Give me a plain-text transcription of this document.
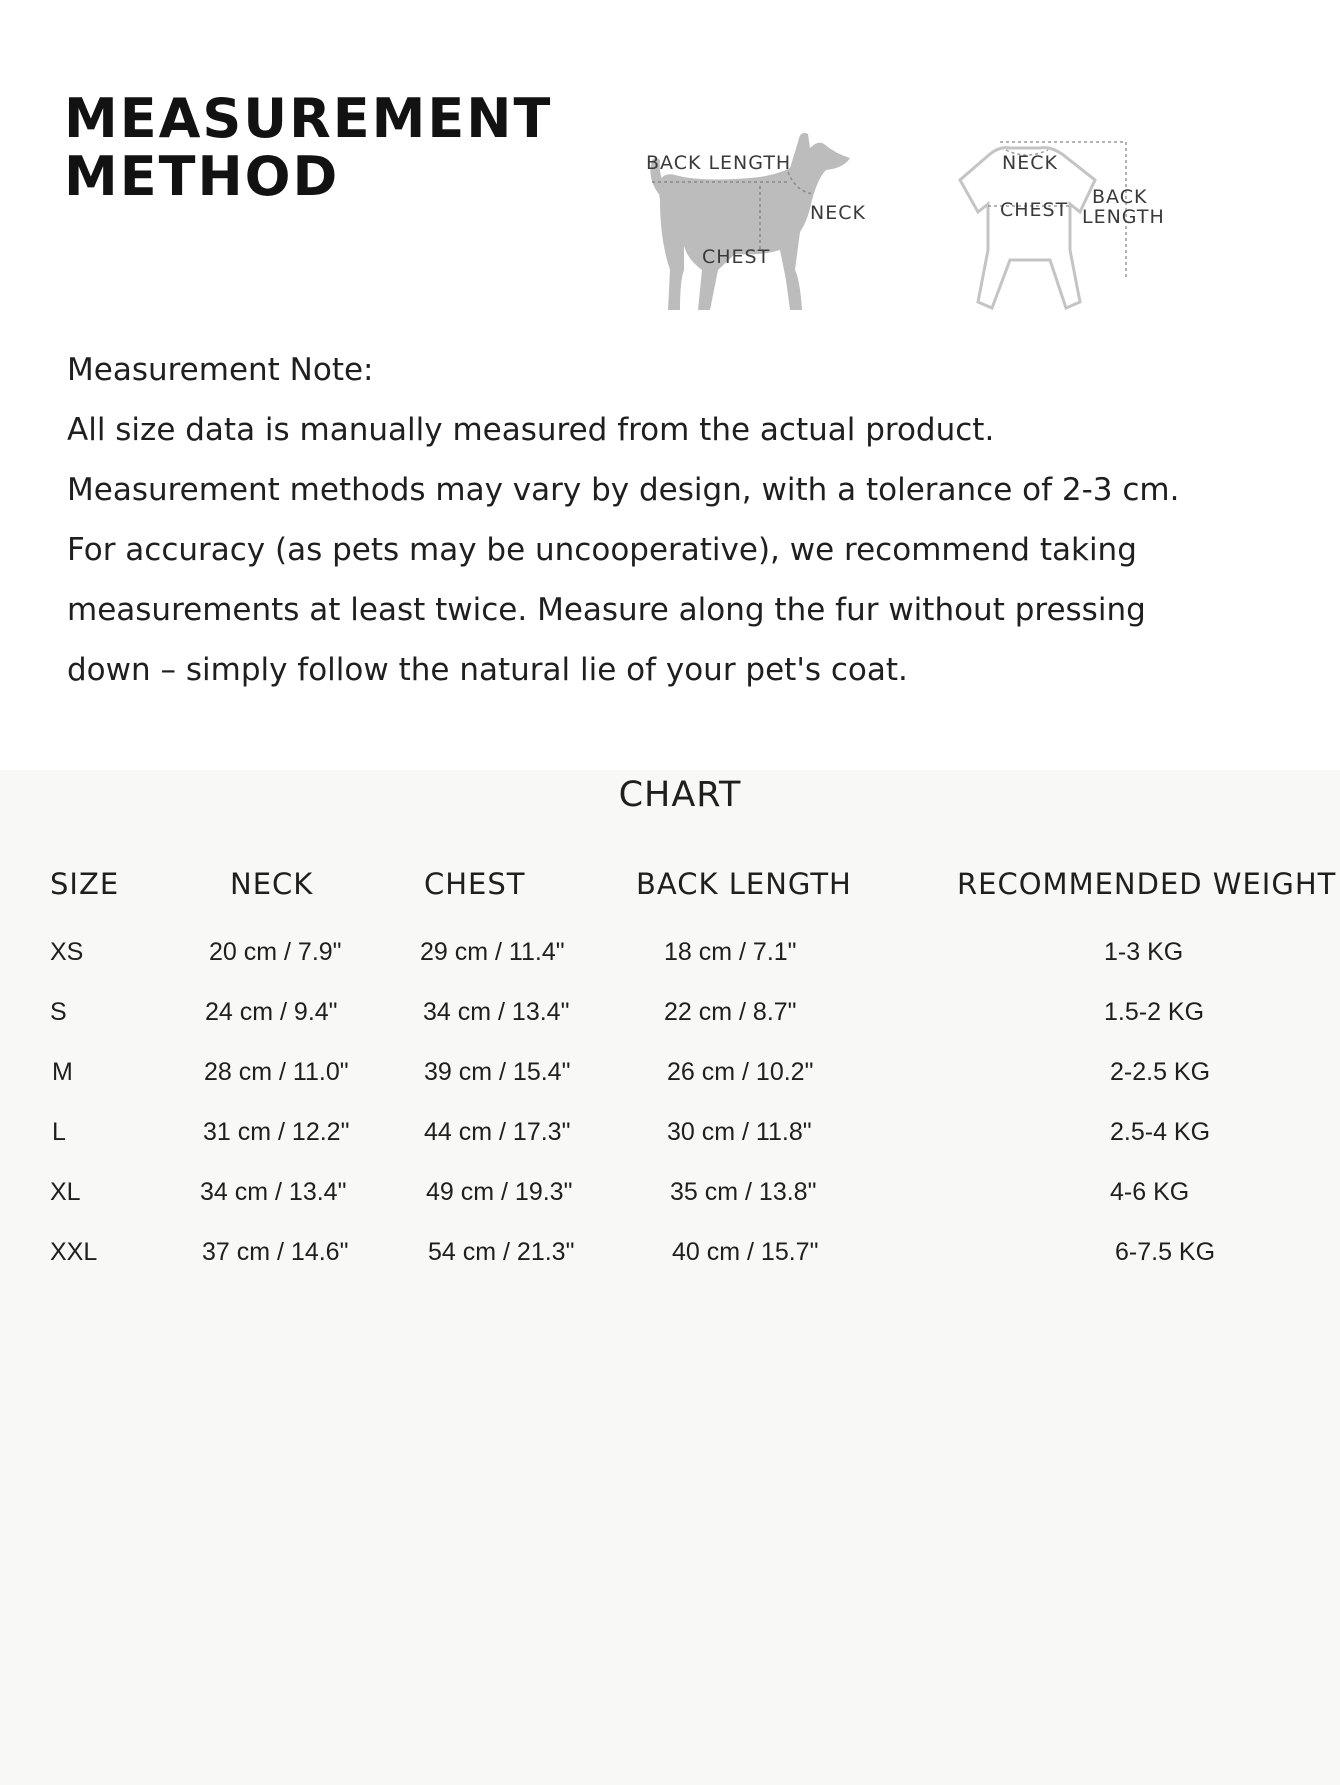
MEASUREMENT
METHOD	BACK LENGTH
NECK
CHEST
NECK
CHEST
BACK
LENGTH

Measurement Note:

All size data is manually measured from the actual product.

Measurement methods may vary by design, with a tolerance of 2-3 cm.

For accuracy (as pets may be uncooperative), we recommend taking

measurements at least twice. Measure along the fur without pressing

down – simply follow the natural lie of your pet's coat.

CHART
SIZE	NECK	CHEST	BACK LENGTH	RECOMMENDED WEIGHT
XS	20 cm / 7.9"	29 cm / 11.4"	18 cm / 7.1"	1-3 KG
S	24 cm / 9.4"	34 cm / 13.4"	22 cm / 8.7"	1.5-2 KG
M	28 cm / 11.0"	39 cm / 15.4"	26 cm / 10.2"	2-2.5 KG
L	31 cm / 12.2"	44 cm / 17.3"	30 cm / 11.8"	2.5-4 KG
XL	34 cm / 13.4"	49 cm / 19.3"	35 cm / 13.8"	4-6 KG
XXL	37 cm / 14.6"	54 cm / 21.3"	40 cm / 15.7"	6-7.5 KG
